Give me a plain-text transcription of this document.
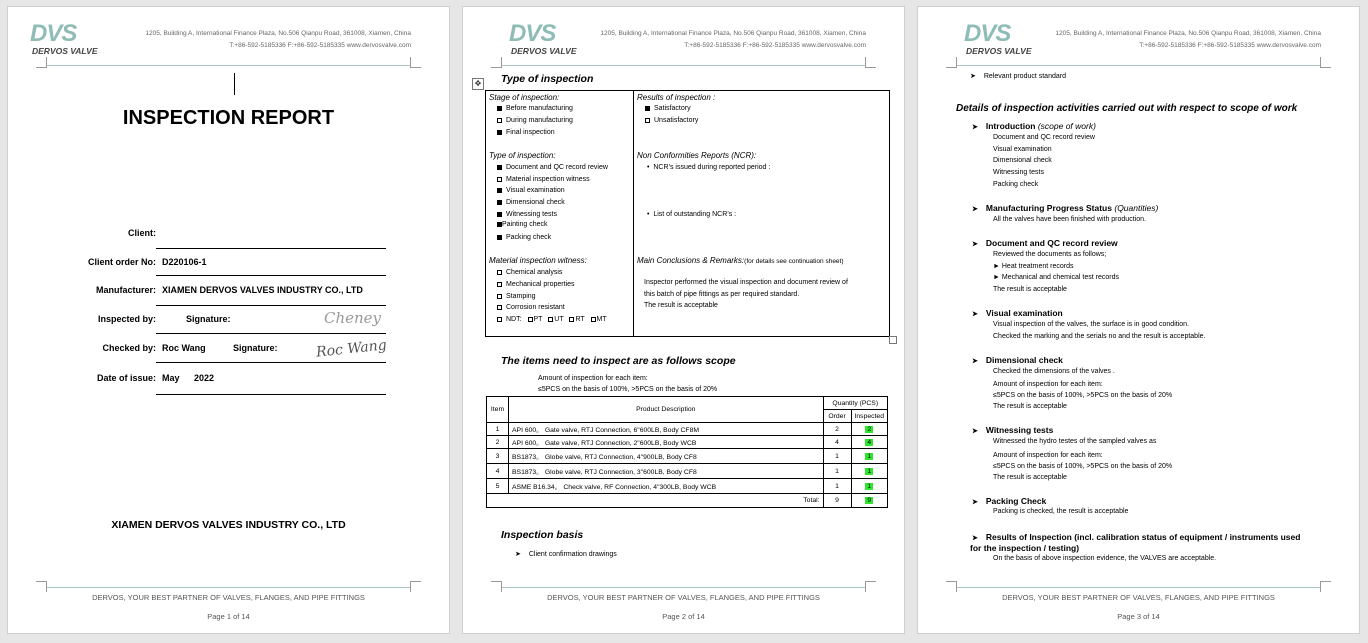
DVS
DERVOS VALVE
1205, Building A, International Finance Plaza, No.506 Qianpu Road, 361008, Xiamen, China
T:+86-592-5185336 F:+86-592-5185335 www.dervosvalve.com
INSPECTION REPORT
Client:
Client order No: D220106-1
Manufacturer: XIAMEN DERVOS VALVES INDUSTRY CO., LTD
Inspected by:	Signature:	Cheney
Checked by: Roc Wang	Signature:	Roc Wang
Date of issue: May 2022
XIAMEN DERVOS VALVES INDUSTRY CO., LTD
DERVOS, YOUR BEST PARTNER OF VALVES, FLANGES, AND PIPE FITTINGS
Page 1 of 14
DVS
DERVOS VALVE
1205, Building A, International Finance Plaza, No.506 Qianpu Road, 361008, Xiamen, China
T:+86-592-5185336 F:+86-592-5185335 www.dervosvalve.com
✥ Type of inspection
Stage of inspection:
Before manufacturing
During manufacturing
Final inspection
Type of inspection:
Document and QC record review
Material inspection witness
Visual examination
Dimensional check
Witnessing tests
Painting check
Packing check
Material inspection witness:
Chemical analysis
Mechanical properties
Stamping
Corrosion resistant
NDT: PT UT RT MT
Results of inspection :
Satisfactory
Unsatisfactory
Non Conformities Reports (NCR):
•  NCR’s issued during reported period :
•  List of outstanding NCR’s :
Main Conclusions & Remarks:(for details see continuation sheet)
Inspector performed the visual inspection and document review of
this batch of pipe fittings as per required standard.
The result is acceptable
The items need to inspect are as follows scope
Amount of inspection for each item:
≤5PCS on the basis of 100%, >5PCS on the basis of 20%
Item	Product Description	Quantity (PCS)	
		Order	Inspected
1	API 600。 Gate valve, RTJ Connection, 6"600LB, Body CF8M	2	2
2	API 600。 Gate valve, RTJ Connection, 2"600LB, Body WCB	4	4
3	BS1873。 Globe valve, RTJ Connection, 4"900LB, Body CF8	1	1
4	BS1873。 Globe valve, RTJ Connection, 3"600LB, Body CF8	1	1
5	ASME B16.34。 Check valve, RF Connection, 4"300LB, Body WCB	1	1
Total:		9	9
Inspection basis
➤ Client confirmation drawings
DERVOS, YOUR BEST PARTNER OF VALVES, FLANGES, AND PIPE FITTINGS
Page 2 of 14
DVS
DERVOS VALVE
1205, Building A, International Finance Plaza, No.506 Qianpu Road, 361008, Xiamen, China
T:+86-592-5185336 F:+86-592-5185335 www.dervosvalve.com
➤ Relevant product standard
Details of inspection activities carried out with respect to scope of work
➤ Introduction (scope of work)
Document and QC record review
Visual examination
Dimensional check
Witnessing tests
Packing check
➤ Manufacturing Progress Status (Quantities)
All the valves have been finished with production.
➤ Document and QC record review
Reviewed the documents as follows;
► Heat treatment records
► Mechanical and chemical test records
The result is acceptable
➤ Visual examination
Visual inspection of the valves, the surface is in good condition.
Checked the marking and the serials no and the result is acceptable.
➤ Dimensional check
Checked the dimensions of the valves .
Amount of inspection for each item:
≤5PCS on the basis of 100%, >5PCS on the basis of 20%
The result is acceptable
➤ Witnessing tests
Witnessed the hydro testes of the sampled valves as
Amount of inspection for each item:
≤5PCS on the basis of 100%, >5PCS on the basis of 20%
The result is acceptable
➤ Packing Check
Packing is checked, the result is acceptable
➤ Results of Inspection (incl. calibration status of equipment / instruments used
for the inspection / testing)
On the basis of above inspection evidence, the VALVES are acceptable.
DERVOS, YOUR BEST PARTNER OF VALVES, FLANGES, AND PIPE FITTINGS
Page 3 of 14
